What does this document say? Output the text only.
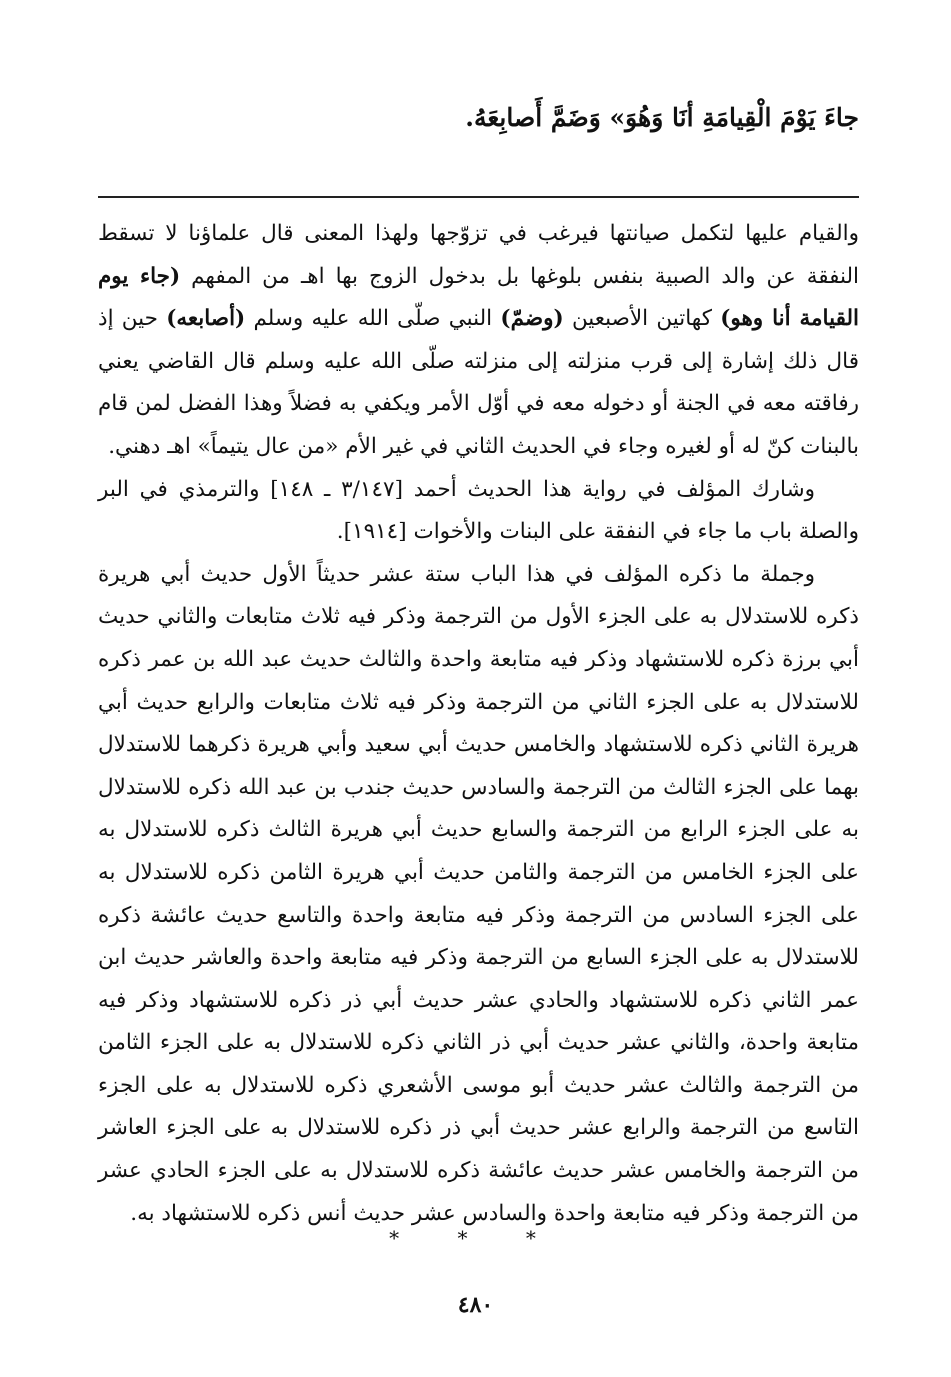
جاءَ يَوْمَ الْقِيامَةِ أنَا وَهُوَ» وَضَمَّ أَصابِعَهُ.

والقيام عليها لتكمل صيانتها فيرغب في تزوّجها ولهذا المعنى قال علماؤنا لا تسقط النفقة عن والد الصبية بنفس بلوغها بل بدخول الزوج بها اهـ من المفهم (جاء يوم القيامة أنا وهو) كهاتين الأصبعين (وضمّ) النبي صلّى الله عليه وسلم (أصابعه) حين إذ قال ذلك إشارة إلى قرب منزلته إلى منزلته صلّى الله عليه وسلم قال القاضي يعني رفاقته معه في الجنة أو دخوله معه في أوّل الأمر ويكفي به فضلاً وهذا الفضل لمن قام بالبنات كنّ له أو لغيره وجاء في الحديث الثاني في غير الأم «من عال يتيماً» اهـ دهني.

وشارك المؤلف في رواية هذا الحديث أحمد [٣/١٤٧ ـ ١٤٨] والترمذي في البر والصلة باب ما جاء في النفقة على البنات والأخوات [١٩١٤].

وجملة ما ذكره المؤلف في هذا الباب ستة عشر حديثاً الأول حديث أبي هريرة ذكره للاستدلال به على الجزء الأول من الترجمة وذكر فيه ثلاث متابعات والثاني حديث أبي برزة ذكره للاستشهاد وذكر فيه متابعة واحدة والثالث حديث عبد الله بن عمر ذكره للاستدلال به على الجزء الثاني من الترجمة وذكر فيه ثلاث متابعات والرابع حديث أبي هريرة الثاني ذكره للاستشهاد والخامس حديث أبي سعيد وأبي هريرة ذكرهما للاستدلال بهما على الجزء الثالث من الترجمة والسادس حديث جندب بن عبد الله ذكره للاستدلال به على الجزء الرابع من الترجمة والسابع حديث أبي هريرة الثالث ذكره للاستدلال به على الجزء الخامس من الترجمة والثامن حديث أبي هريرة الثامن ذكره للاستدلال به على الجزء السادس من الترجمة وذكر فيه متابعة واحدة والتاسع حديث عائشة ذكره للاستدلال به على الجزء السابع من الترجمة وذكر فيه متابعة واحدة والعاشر حديث ابن عمر الثاني ذكره للاستشهاد والحادي عشر حديث أبي ذر ذكره للاستشهاد وذكر فيه متابعة واحدة، والثاني عشر حديث أبي ذر الثاني ذكره للاستدلال به على الجزء الثامن من الترجمة والثالث عشر حديث أبو موسى الأشعري ذكره للاستدلال به على الجزء التاسع من الترجمة والرابع عشر حديث أبي ذر ذكره للاستدلال به على الجزء العاشر من الترجمة والخامس عشر حديث عائشة ذكره للاستدلال به على الجزء الحادي عشر من الترجمة وذكر فيه متابعة واحدة والسادس عشر حديث أنس ذكره للاستشهاد به.

* * *
٤٨٠
